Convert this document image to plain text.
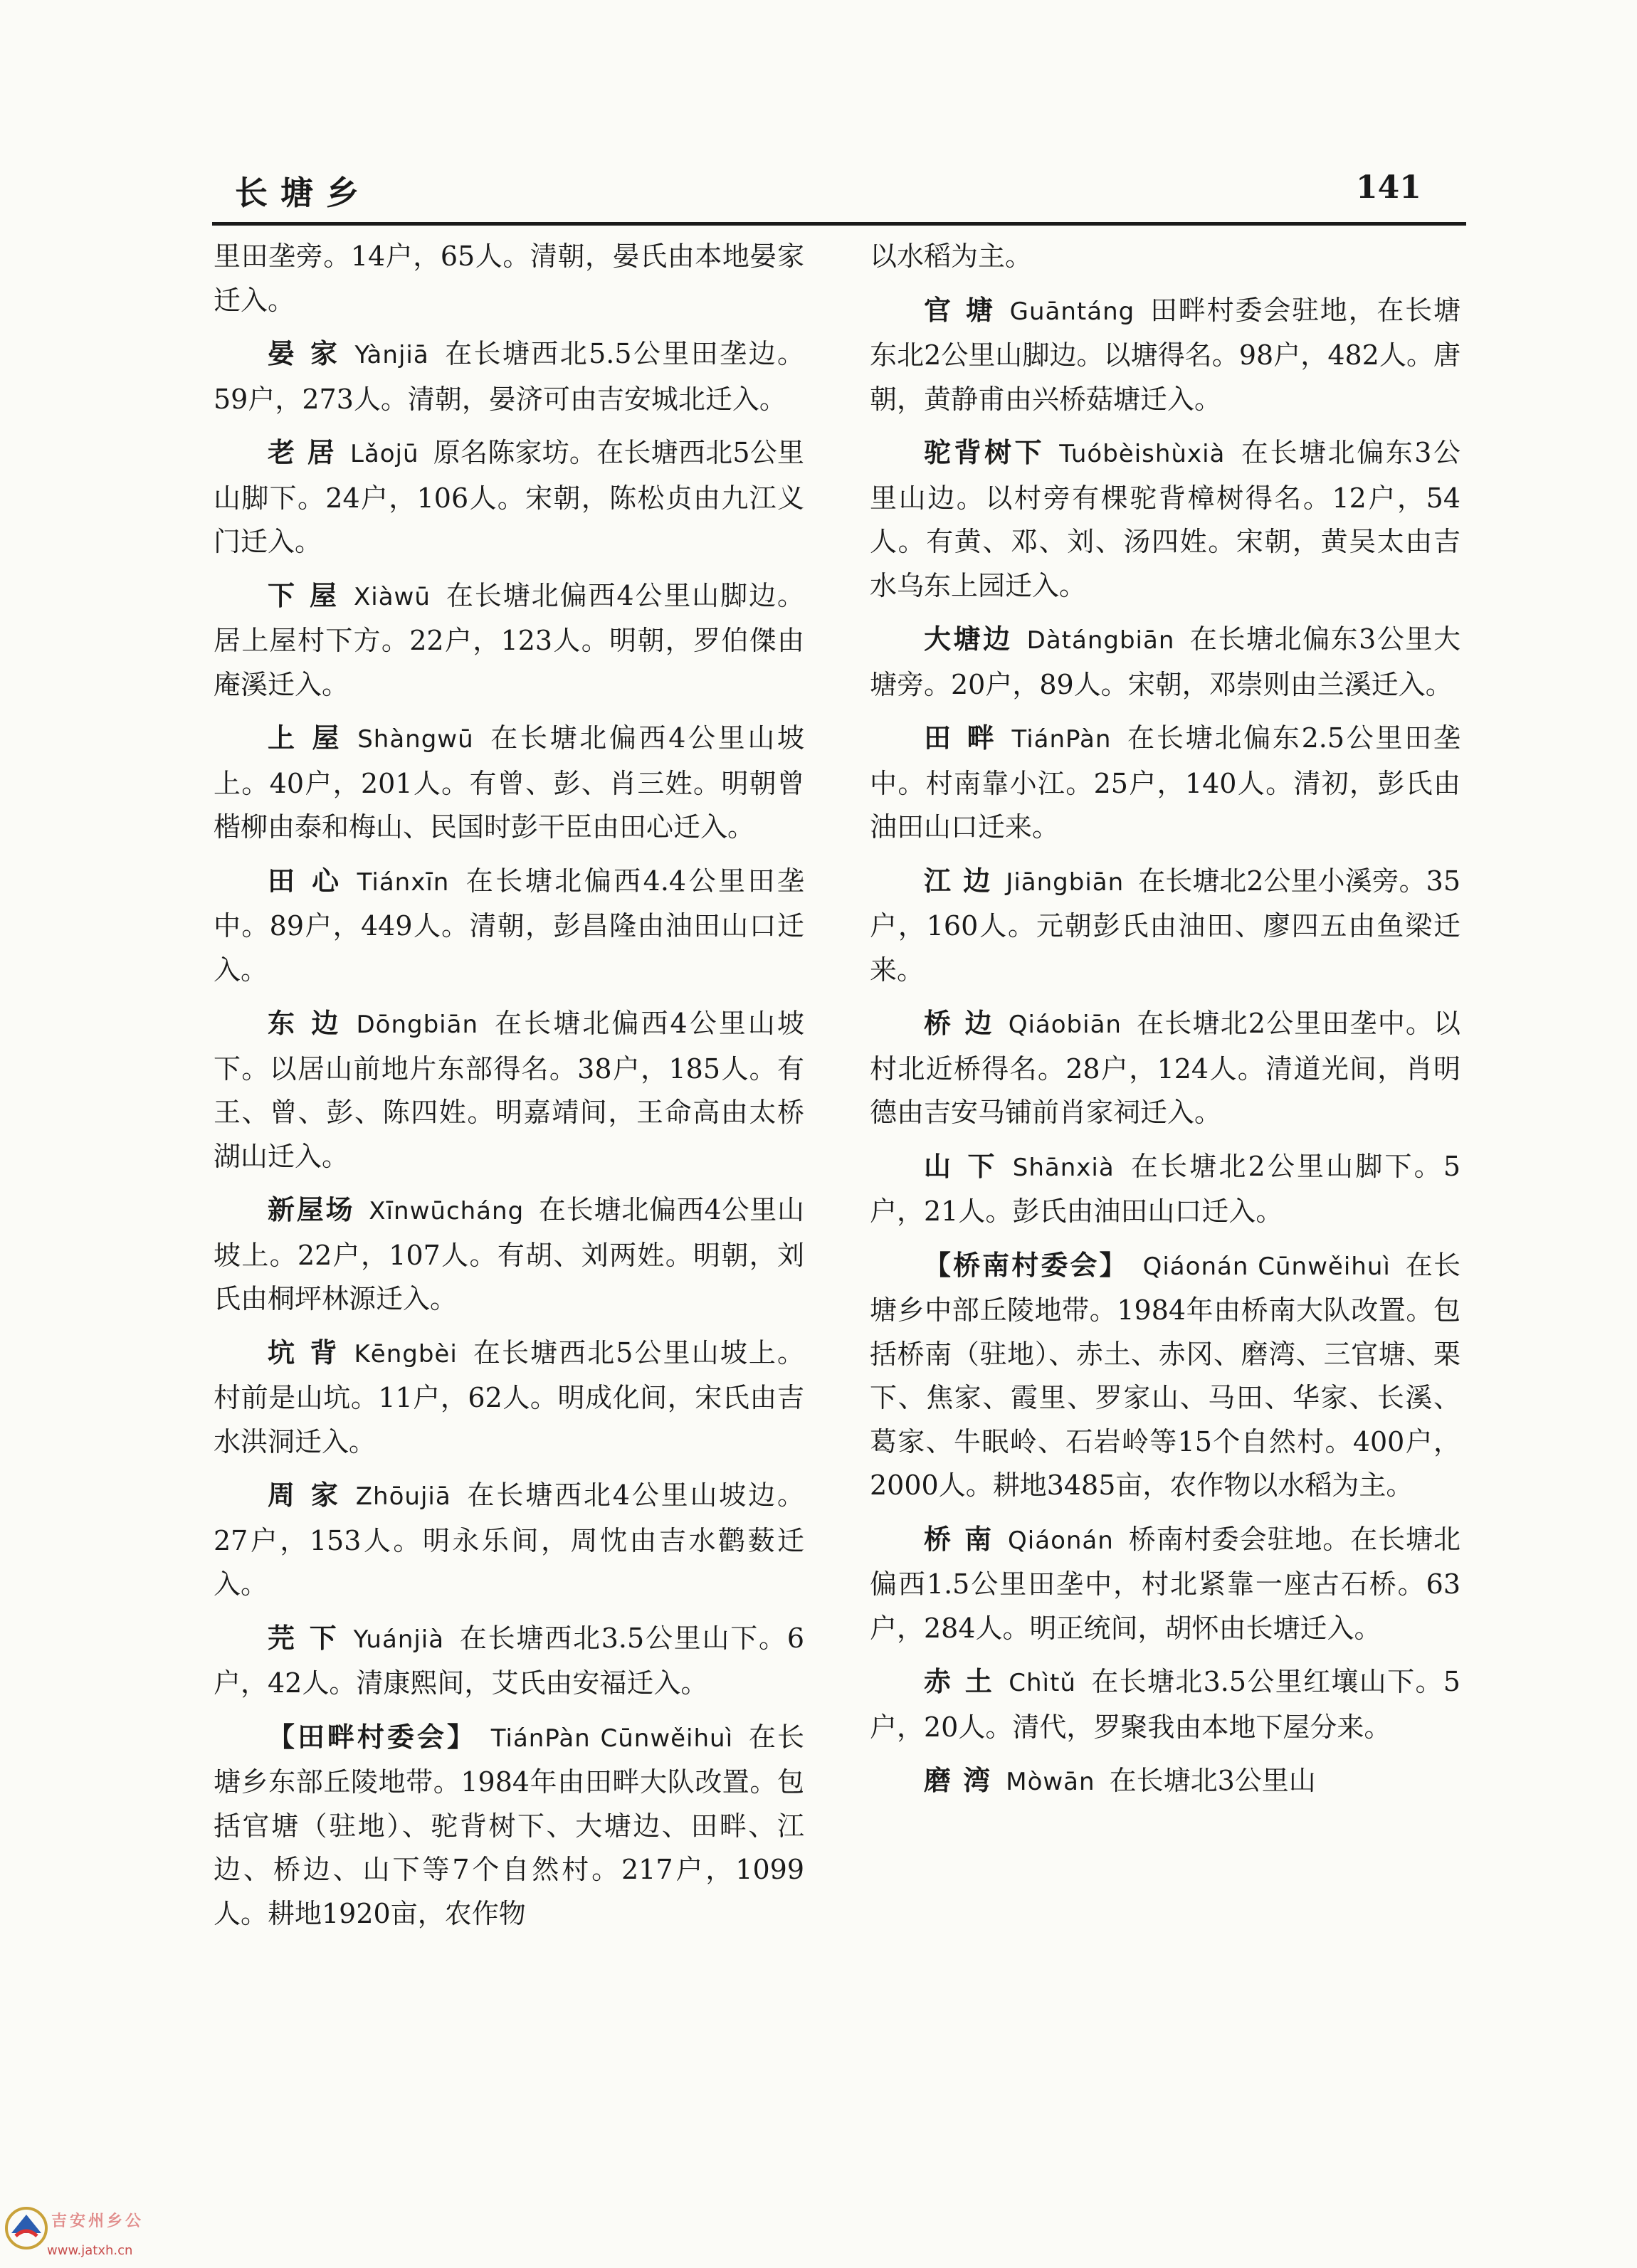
长塘乡	141

里田垄旁。14户，65人。清朝，晏氏由本地晏家迁入。

晏 家 Yànjiā 在长塘西北5.5公里田垄边。59户，273人。清朝，晏济可由吉安城北迁入。

老 居 Lǎojū 原名陈家坊。在长塘西北5公里山脚下。24户，106人。宋朝，陈松贞由九江义门迁入。

下 屋 Xiàwū 在长塘北偏西4公里山脚边。居上屋村下方。22户，123人。明朝，罗伯傑由庵溪迁入。

上 屋 Shàngwū 在长塘北偏西4公里山坡上。40户，201人。有曾、彭、肖三姓。明朝曾楷柳由泰和梅山、民国时彭干臣由田心迁入。

田 心 Tiánxīn 在长塘北偏西4.4公里田垄中。89户，449人。清朝，彭昌隆由油田山口迁入。

东 边 Dōngbiān 在长塘北偏西4公里山坡下。以居山前地片东部得名。38户，185人。有王、曾、彭、陈四姓。明嘉靖间，王命高由太桥湖山迁入。

新屋场 Xīnwūcháng 在长塘北偏西4公里山坡上。22户，107人。有胡、刘两姓。明朝，刘氏由桐坪林源迁入。

坑 背 Kēngbèi 在长塘西北5公里山坡上。村前是山坑。11户，62人。明成化间，宋氏由吉水洪洞迁入。

周 家 Zhōujiā 在长塘西北4公里山坡边。27户，153人。明永乐间，周忱由吉水鹳薮迁入。

芫 下 Yuánjià 在长塘西北3.5公里山下。6户，42人。清康熙间，艾氏由安福迁入。

【田畔村委会】 TiánPàn Cūnwěihuì 在长塘乡东部丘陵地带。1984年由田畔大队改置。包括官塘（驻地）、驼背树下、大塘边、田畔、江边、桥边、山下等7个自然村。217户，1099人。耕地1920亩，农作物

以水稻为主。

官 塘 Guāntáng 田畔村委会驻地，在长塘东北2公里山脚边。以塘得名。98户，482人。唐朝，黄静甫由兴桥菇塘迁入。

驼背树下 Tuóbèishùxià 在长塘北偏东3公里山边。以村旁有棵驼背樟树得名。12户，54人。有黄、邓、刘、汤四姓。宋朝，黄吴太由吉水乌东上园迁入。

大塘边 Dàtángbiān 在长塘北偏东3公里大塘旁。20户，89人。宋朝，邓崇则由兰溪迁入。

田 畔 TiánPàn 在长塘北偏东2.5公里田垄中。村南靠小江。25户，140人。清初，彭氏由油田山口迁来。

江 边 Jiāngbiān 在长塘北2公里小溪旁。35户，160人。元朝彭氏由油田、廖四五由鱼梁迁来。

桥 边 Qiáobiān 在长塘北2公里田垄中。以村北近桥得名。28户，124人。清道光间，肖明德由吉安马铺前肖家祠迁入。

山 下 Shānxià 在长塘北2公里山脚下。5户，21人。彭氏由油田山口迁入。

【桥南村委会】 Qiáonán Cūnwěihuì 在长塘乡中部丘陵地带。1984年由桥南大队改置。包括桥南（驻地）、赤土、赤冈、磨湾、三官塘、栗下、焦家、霞里、罗家山、马田、华家、长溪、葛家、牛眠岭、石岩岭等15个自然村。400户，2000人。耕地3485亩，农作物以水稻为主。

桥 南 Qiáonán 桥南村委会驻地。在长塘北偏西1.5公里田垄中，村北紧靠一座古石桥。63户，284人。明正统间，胡怀由长塘迁入。

赤 土 Chìtǔ 在长塘北3.5公里红壤山下。5户，20人。清代，罗聚我由本地下屋分来。

磨 湾 Mòwān 在长塘北3公里山

吉安州乡公
www.jatxh.cn
